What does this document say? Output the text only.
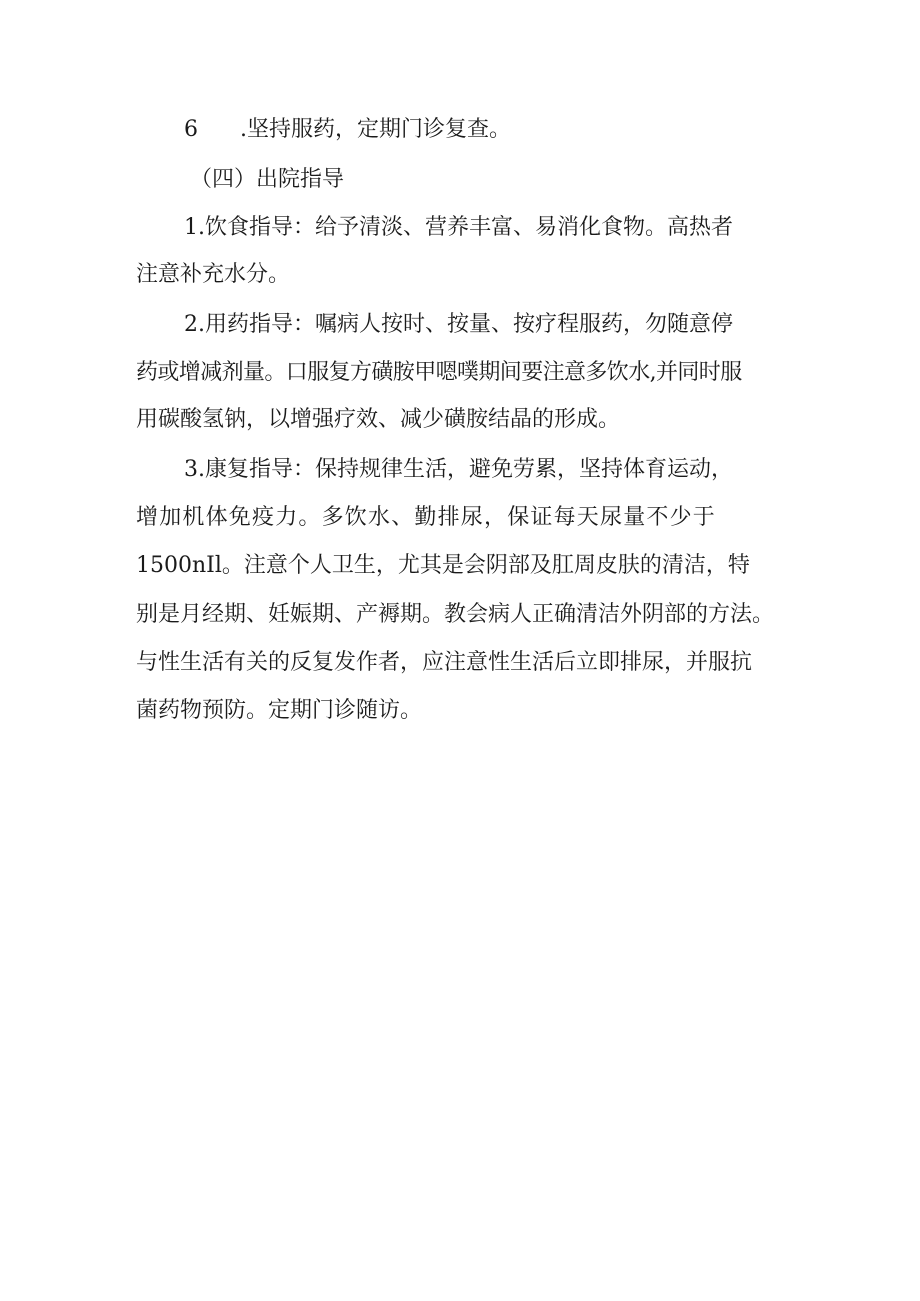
6 .坚持服药，定期门诊复查。
（四）出院指导
1.饮食指导：给予清淡、营养丰富、易消化食物。高热者
注意补充水分。
2.用药指导：嘱病人按时、按量、按疗程服药，勿随意停
药或增减剂量。口服复方磺胺甲嗯噗期间要注意多饮水,并同时服
用碳酸氢钠，以增强疗效、减少磺胺结晶的形成。
3.康复指导：保持规律生活，避免劳累，坚持体育运动，
增加机体免疫力。多饮水、勤排尿，保证每天尿量不少于
1500nIl。注意个人卫生，尤其是会阴部及肛周皮肤的清洁，特
别是月经期、妊娠期、产褥期。教会病人正确清洁外阴部的方法。
与性生活有关的反复发作者，应注意性生活后立即排尿，并服抗
菌药物预防。定期门诊随访。
